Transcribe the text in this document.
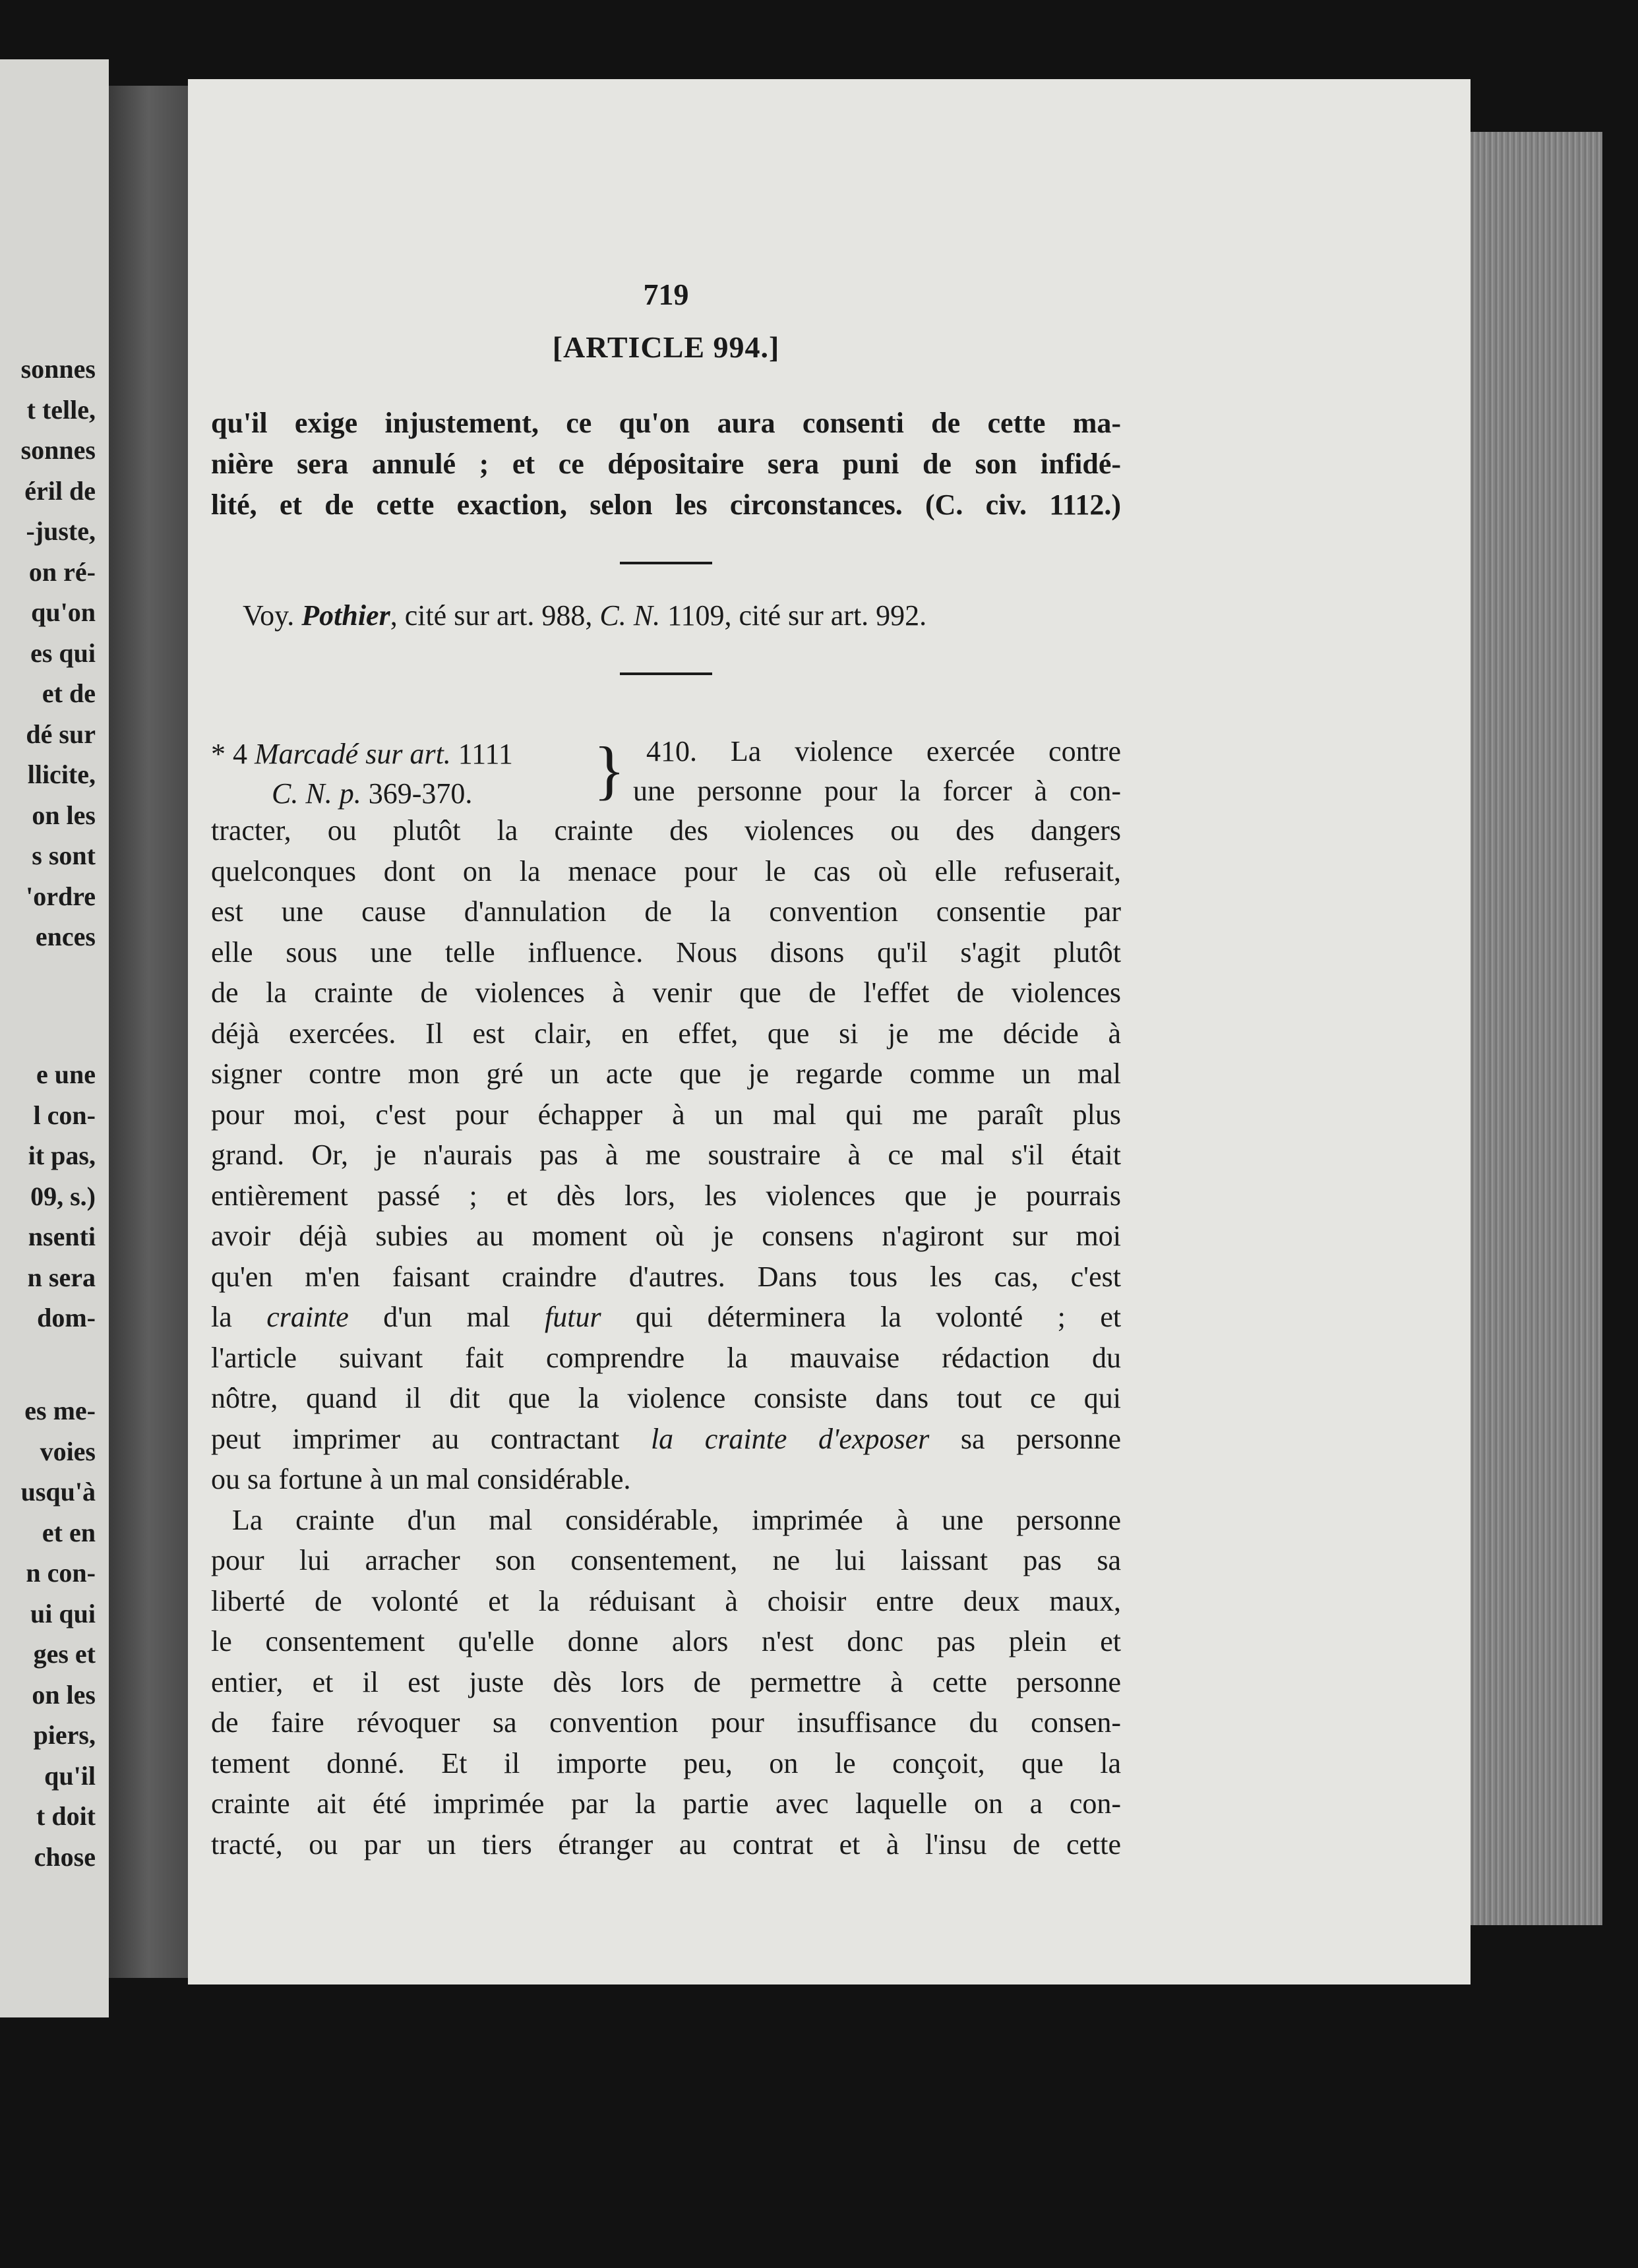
sonnes
t telle,
sonnes
éril de
-juste,
on ré-
qu'on
es qui
et de
dé sur
llicite,
on les
s sont
'ordre
ences
e une
l con-
it pas,
09, s.)
nsenti
n sera
dom-
es me-
voies
usqu'à
et en
n con-
ui qui
ges et
on les
piers,
qu'il
t doit
chose
719
[ARTICLE 994.]
qu'il exige injustement, ce qu'on aura consenti de cette ma-
nière sera annulé ; et ce dépositaire sera puni de son infidé-
lité, et de cette exaction, selon les circonstances. (C. civ. 1112.)
Voy. Pothier, cité sur art. 988, C. N. 1109, cité sur art. 992.
* 4 Marcadé sur art. 1111
C. N. p. 369-370. } 410. La violence exercée contre
une personne pour la forcer à con-
tracter, ou plutôt la crainte des violences ou des dangers
quelconques dont on la menace pour le cas où elle refuserait,
est une cause d'annulation de la convention consentie par
elle sous une telle influence. Nous disons qu'il s'agit plutôt
de la crainte de violences à venir que de l'effet de violences
déjà exercées. Il est clair, en effet, que si je me décide à
signer contre mon gré un acte que je regarde comme un mal
pour moi, c'est pour échapper à un mal qui me paraît plus
grand. Or, je n'aurais pas à me soustraire à ce mal s'il était
entièrement passé ; et dès lors, les violences que je pourrais
avoir déjà subies au moment où je consens n'agiront sur moi
qu'en m'en faisant craindre d'autres. Dans tous les cas, c'est
la crainte d'un mal futur qui déterminera la volonté ; et
l'article suivant fait comprendre la mauvaise rédaction du
nôtre, quand il dit que la violence consiste dans tout ce qui
peut imprimer au contractant la crainte d'exposer sa personne
ou sa fortune à un mal considérable.
La crainte d'un mal considérable, imprimée à une personne
pour lui arracher son consentement, ne lui laissant pas sa
liberté de volonté et la réduisant à choisir entre deux maux,
le consentement qu'elle donne alors n'est donc pas plein et
entier, et il est juste dès lors de permettre à cette personne
de faire révoquer sa convention pour insuffisance du consen-
tement donné. Et il importe peu, on le conçoit, que la
crainte ait été imprimée par la partie avec laquelle on a con-
tracté, ou par un tiers étranger au contrat et à l'insu de cette
